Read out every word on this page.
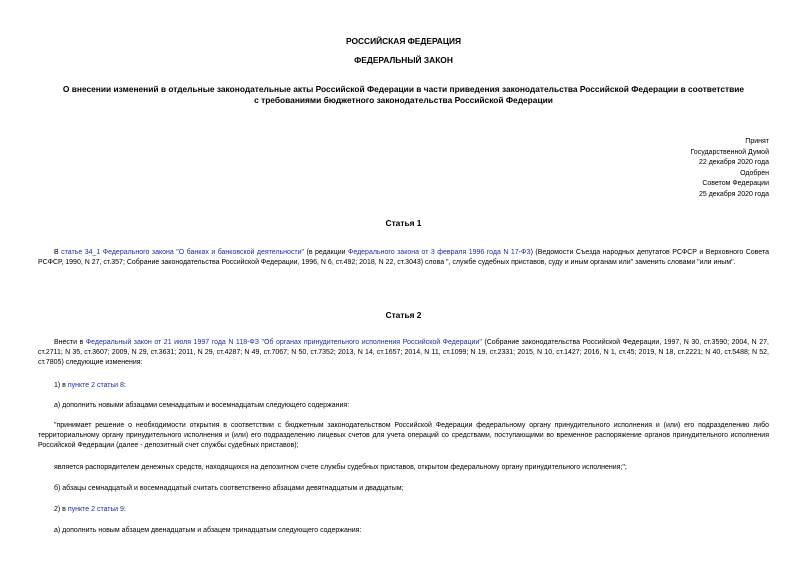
РОССИЙСКАЯ ФЕДЕРАЦИЯ
ФЕДЕРАЛЬНЫЙ ЗАКОН
О внесении изменений в отдельные законодательные акты Российской Федерации в части приведения законодательства Российской Федерации в соответствие
с требованиями бюджетного законодательства Российской Федерации
Принят
Государственной Думой
22 декабря 2020 года
Одобрен
Советом Федерации
25 декабря 2020 года
Статья 1
В статье 34_1 Федерального закона "О банках и банковской деятельности" (в редакции Федерального закона от 3 февраля 1996 года N 17-ФЗ) (Ведомости Съезда народных депутатов РСФСР и Верховного Совета РСФСР, 1990, N 27, ст.357; Собрание законодательства Российской Федерации, 1996, N 6, ст.492; 2018, N 22, ст.3043) слова ", службе судебных приставов, суду и иным органам или" заменить словами "или иным".
Статья 2
Внести в Федеральный закон от 21 июля 1997 года N 118-ФЗ "Об органах принудительного исполнения Российской Федерации" (Собрание законодательства Российской Федерации, 1997, N 30, ст.3590; 2004, N 27, ст.2711; N 35, ст.3607; 2009, N 29, ст.3631; 2011, N 29, ст.4287; N 49, ст.7067; N 50, ст.7352; 2013, N 14, ст.1657; 2014, N 11, ст.1099; N 19, ст.2331; 2015, N 10, ст.1427; 2016, N 1, ст.45; 2019, N 18, ст.2221; N 40, ст.5488; N 52, ст.7805) следующие изменения:
1) в пункте 2 статьи 8:
а) дополнить новыми абзацами семнадцатым и восемнадцатым следующего содержания:
"принимает решение о необходимости открытия в соответствии с бюджетным законодательством Российской Федерации федеральному органу принудительного исполнения и (или) его подразделению либо территориальному органу принудительного исполнения и (или) его подразделению лицевых счетов для учета операций со средствами, поступающими во временное распоряжение органов принудительного исполнения Российской Федерации (далее - депозитный счет службы судебных приставов);
является распорядителем денежных средств, находящихся на депозитном счете службы судебных приставов, открытом федеральному органу принудительного исполнения;";
б) абзацы семнадцатый и восемнадцатый считать соответственно абзацами девятнадцатым и двадцатым;
2) в пункте 2 статьи 9:
а) дополнить новым абзацем двенадцатым и абзацем тринадцатым следующего содержания:
